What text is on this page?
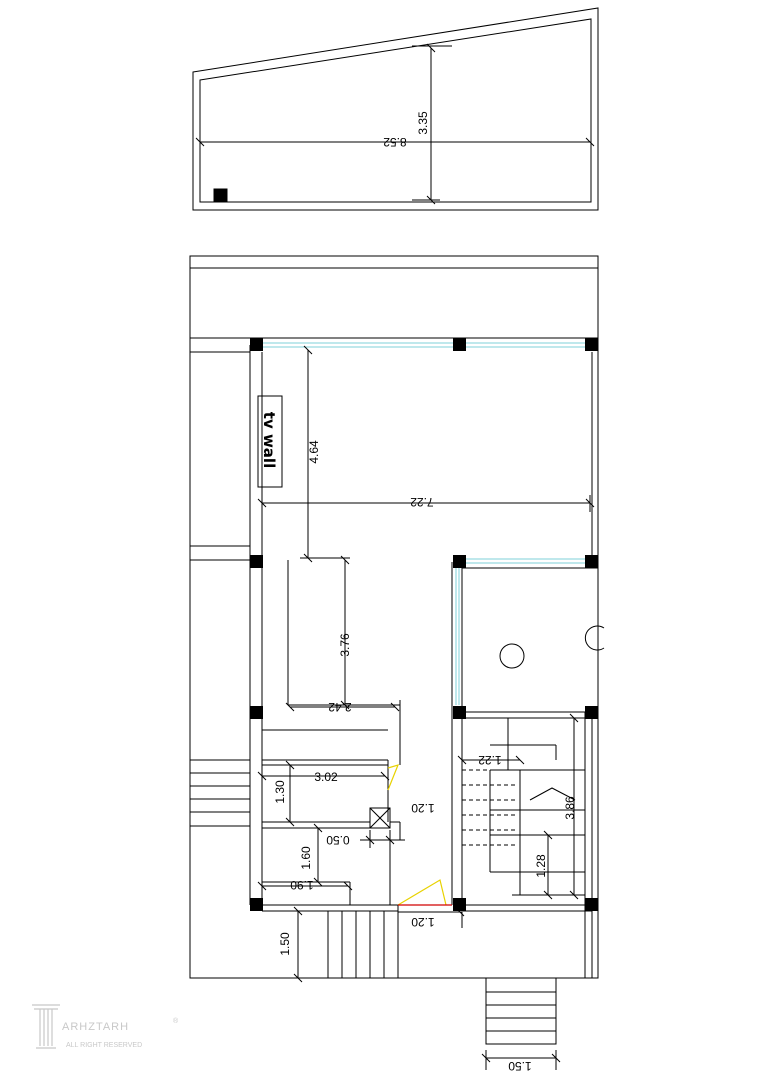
8.52
3.35
tv wall 4.64
7.22
3.76
2.42
3.02
1.30
1.20
0.50
1.60
1.90
1.22
3.86
1.28
1.20
1.50
1.50
ARHZTARH
ALL RIGHT RESERVED
®
